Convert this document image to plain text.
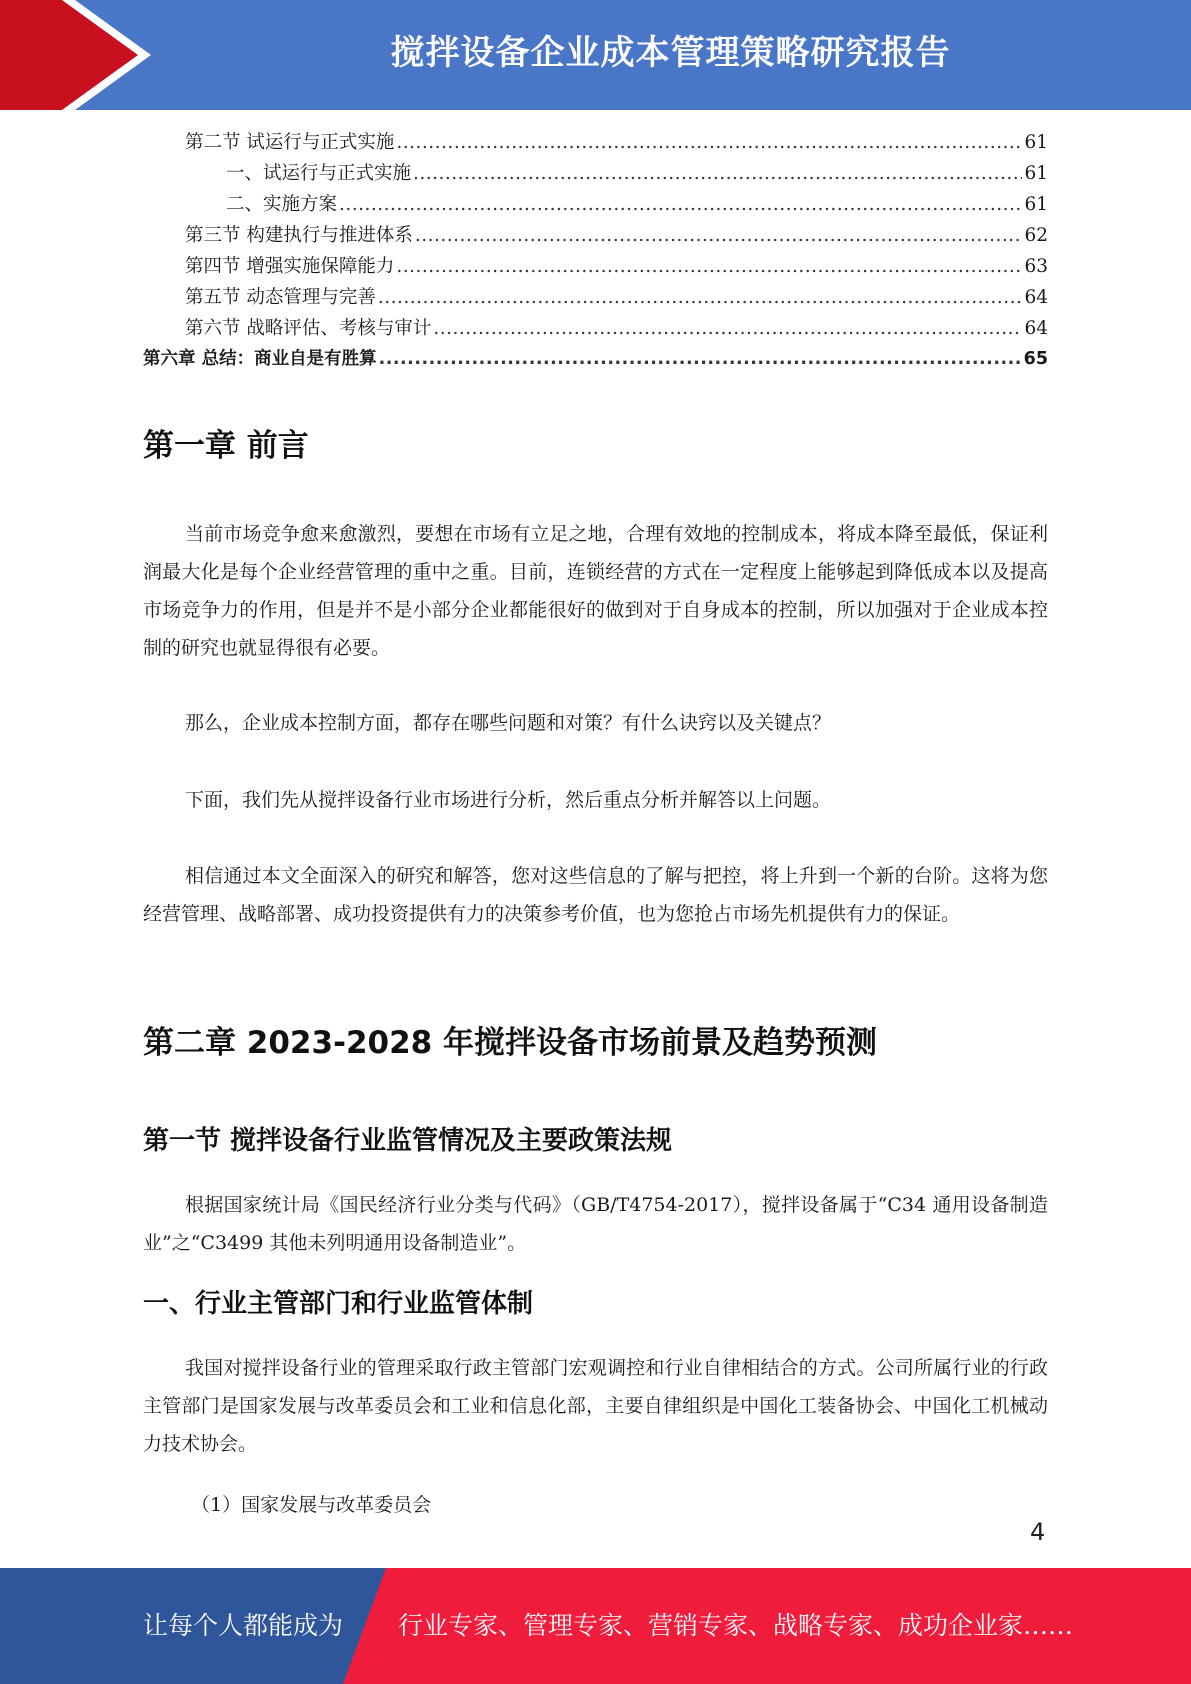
搅拌设备企业成本管理策略研究报告
第二节 试运行与正式实施 .....	61
一、试运行与正式实施 .....	61
二、实施方案 .....	61
第三节 构建执行与推进体系 .....	62
第四节 增强实施保障能力 .....	63
第五节 动态管理与完善 .....	64
第六节 战略评估、考核与审计 .....	64
第六章 总结：商业自是有胜算 .....	65
第一章 前言

当前市场竞争愈来愈激烈，要想在市场有立足之地，合理有效地的控制成本，将成本降至最低，保证利润最大化是每个企业经营管理的重中之重。目前，连锁经营的方式在一定程度上能够起到降低成本以及提高市场竞争力的作用，但是并不是小部分企业都能很好的做到对于自身成本的控制，所以加强对于企业成本控制的研究也就显得很有必要。

那么，企业成本控制方面，都存在哪些问题和对策？有什么诀窍以及关键点？

下面，我们先从搅拌设备行业市场进行分析，然后重点分析并解答以上问题。

相信通过本文全面深入的研究和解答，您对这些信息的了解与把控，将上升到一个新的台阶。这将为您经营管理、战略部署、成功投资提供有力的决策参考价值，也为您抢占市场先机提供有力的保证。

第二章 2023-2028 年搅拌设备市场前景及趋势预测
第一节 搅拌设备行业监管情况及主要政策法规

根据国家统计局《国民经济行业分类与代码》（GB/T4754-2017），搅拌设备属于“C34 通用设备制造业”之“C3499 其他未列明通用设备制造业”。

一、行业主管部门和行业监管体制

我国对搅拌设备行业的管理采取行政主管部门宏观调控和行业自律相结合的方式。公司所属行业的行政主管部门是国家发展与改革委员会和工业和信息化部，主要自律组织是中国化工装备协会、中国化工机械动力技术协会。

（1）国家发展与改革委员会

4
让每个人都能成为 行业专家、管理专家、营销专家、战略专家、成功企业家……
